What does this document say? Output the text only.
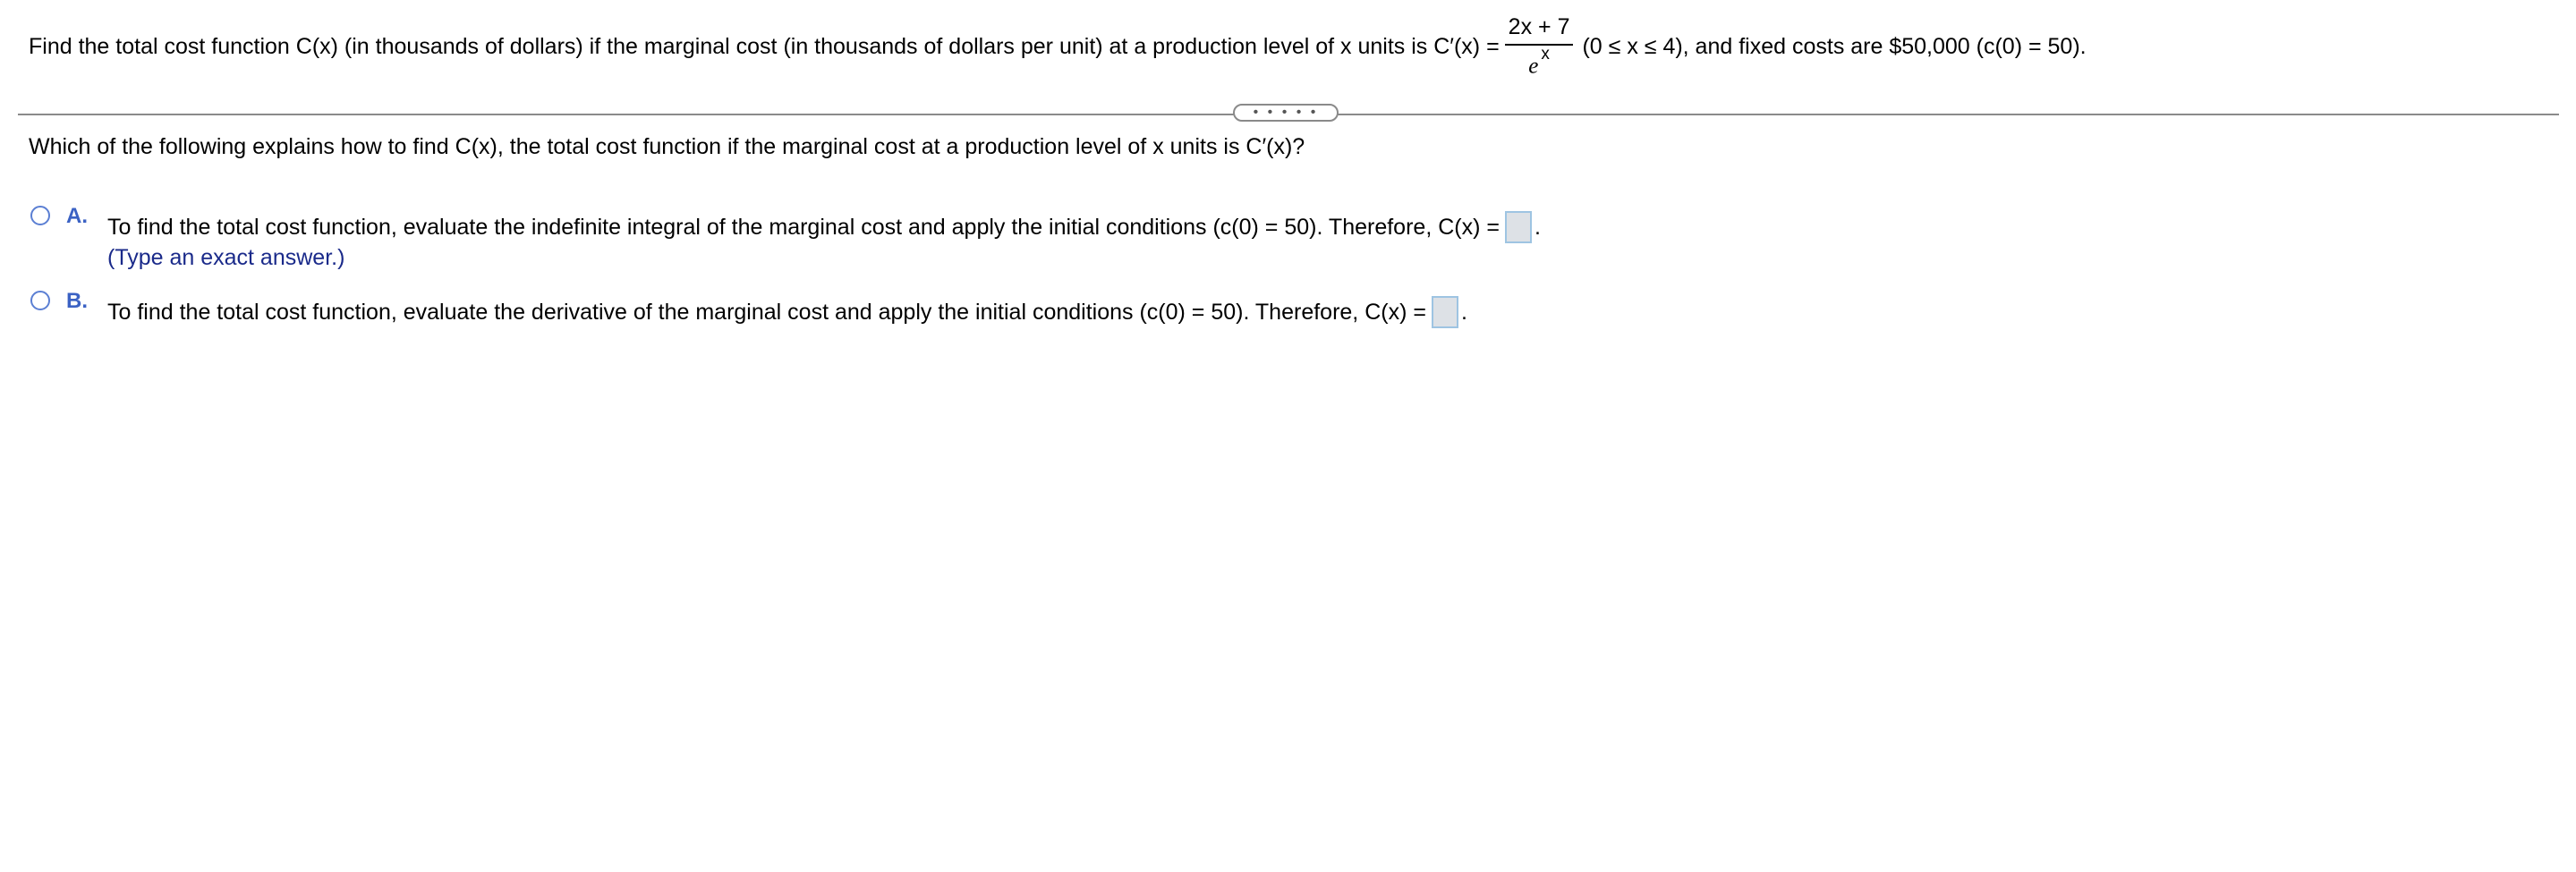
Find the total cost function C(x) (in thousands of dollars) if the marginal cost (in thousands of dollars per unit) at a production level of x units is $C'(x) = \frac{2x + 7}{e ^x} (0 \le x \le 4)$, and fixed costs are $50,000 (c(0) = 50).
• • • • •
Which of the following explains how to find C(x), the total cost function if the marginal cost at a production level of x units is C′(x)?
A. To find the total cost function, evaluate the indefinite integral of the marginal cost and apply the initial conditions (c(0) = 50). Therefore, C(x) = .
(Type an exact answer.)
B. To find the total cost function, evaluate the derivative of the marginal cost and apply the initial conditions (c(0) = 50). Therefore, C(x) = .
